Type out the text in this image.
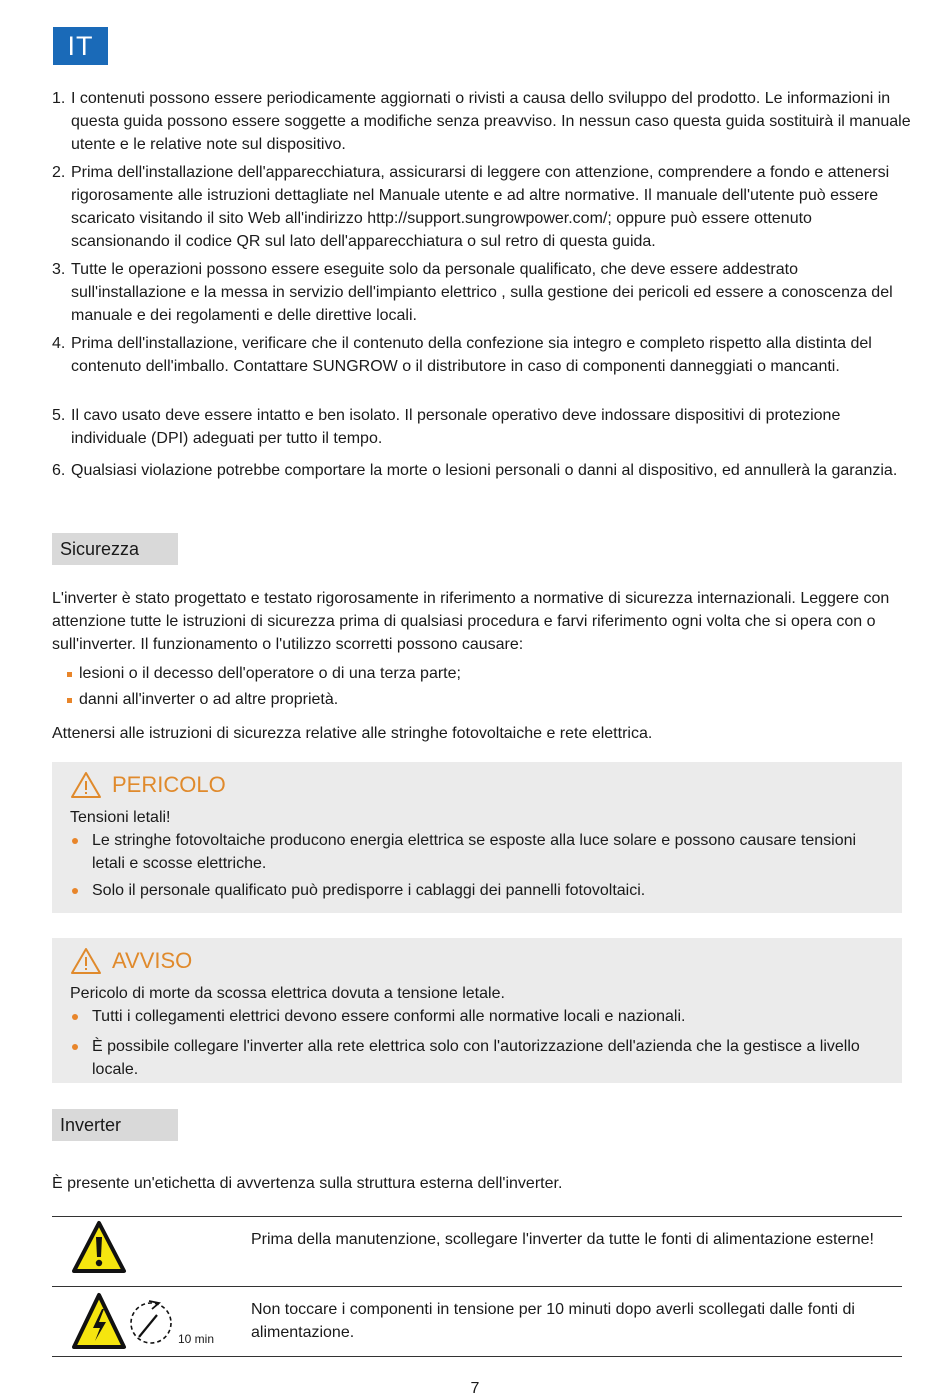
IT
1. I contenuti possono essere periodicamente aggiornati o rivisti a causa dello sviluppo del prodotto. Le informazioni in questa guida possono essere soggette a modifiche senza preavviso. In nessun caso questa guida sostituirà il manuale utente e le relative note sul dispositivo.
2. Prima dell'installazione dell'apparecchiatura, assicurarsi di leggere con attenzione, comprendere a fondo e attenersi rigorosamente alle istruzioni dettagliate nel Manuale utente e ad altre normative. Il manuale dell'utente può essere scaricato visitando il sito Web all'indirizzo http://support.sungrowpower.com/; oppure può essere ottenuto scansionando il codice QR sul lato dell'apparecchiatura o sul retro di questa guida.
3. Tutte le operazioni possono essere eseguite solo da personale qualificato, che deve essere addestrato sull'installazione e la messa in servizio dell'impianto elettrico , sulla gestione dei pericoli ed essere a conoscenza del manuale e dei regolamenti e delle direttive locali.
4. Prima dell'installazione, verificare che il contenuto della confezione sia integro e completo rispetto alla distinta del contenuto dell'imballo. Contattare SUNGROW o il distributore in caso di componenti danneggiati o mancanti.
5. Il cavo usato deve essere intatto e ben isolato. Il personale operativo deve indossare dispositivi di protezione individuale (DPI) adeguati per tutto il tempo.
6. Qualsiasi violazione potrebbe comportare la morte o lesioni personali o danni al dispositivo, ed annullerà la garanzia.
Sicurezza

L'inverter è stato progettato e testato rigorosamente in riferimento a normative di sicurezza internazionali. Leggere con attenzione tutte le istruzioni di sicurezza prima di qualsiasi procedura e farvi riferimento ogni volta che si opera con o sull'inverter. Il funzionamento o l'utilizzo scorretti possono causare:

lesioni o il decesso dell'operatore o di una terza parte;
danni all'inverter o ad altre proprietà.

Attenersi alle istruzioni di sicurezza relative alle stringhe fotovoltaiche e rete elettrica.

PERICOLO

Tensioni letali!

Le stringhe fotovoltaiche producono energia elettrica se esposte alla luce solare e possono causare tensioni letali e scosse elettriche.
Solo il personale qualificato può predisporre i cablaggi dei pannelli fotovoltaici.
AVVISO

Pericolo di morte da scossa elettrica dovuta a tensione letale.

Tutti i collegamenti elettrici devono essere conformi alle normative locali e nazionali.
È possibile collegare l'inverter alla rete elettrica solo con l'autorizzazione dell'azienda che la gestisce a livello locale.
Inverter

È presente un'etichetta di avvertenza sulla struttura esterna dell'inverter.

Prima della manutenzione, scollegare l'inverter da tutte le fonti di alimentazione esterne!
10 min
Non toccare i componenti in tensione per 10 minuti dopo averli scollegati dalle fonti di alimentazione.
7
